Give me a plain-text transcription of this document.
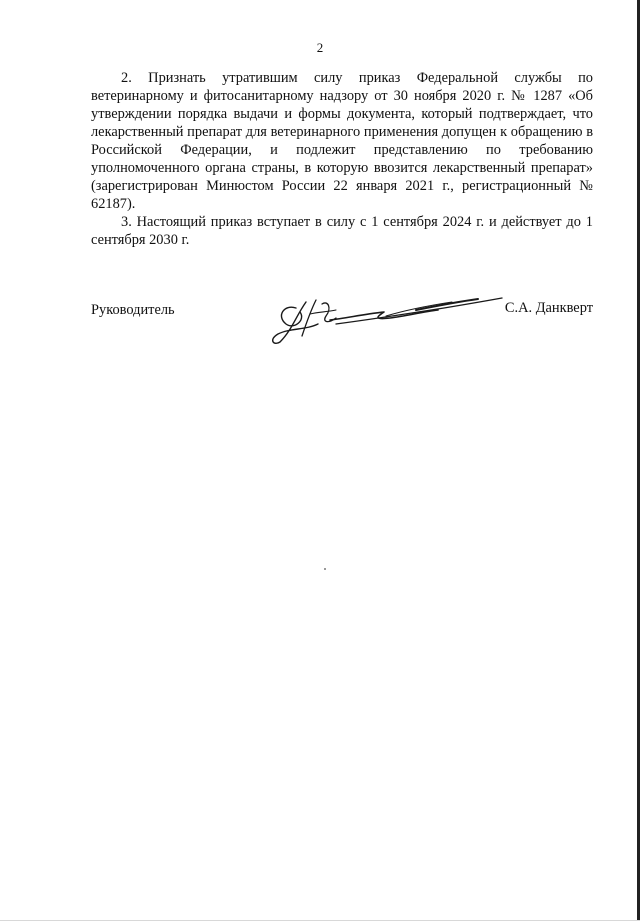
2

2. Признать утратившим силу приказ Федеральной службы по ветеринарному и фитосанитарному надзору от 30 ноября 2020 г. № 1287 «Об утверждении порядка выдачи и формы документа, который подтверждает, что лекарственный препарат для ветеринарного применения допущен к обращению в Российской Федерации, и подлежит представлению по требованию уполномоченного органа страны, в которую ввозится лекарственный препарат» (зарегистрирован Минюстом России 22 января 2021 г., регистрационный № 62187).

3. Настоящий приказ вступает в силу с 1 сентября 2024 г. и действует до 1 сентября 2030 г.

Руководитель	С.А. Данкверт
